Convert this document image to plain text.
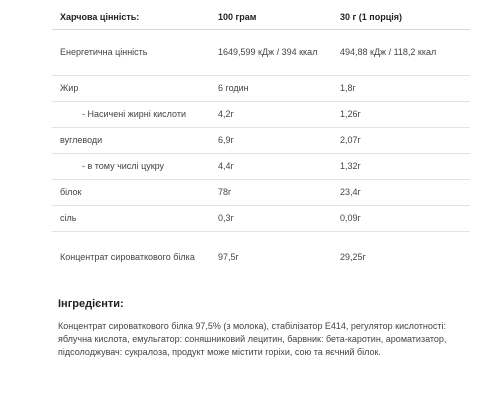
Харчова цінність:	100 грам	30 г (1 порція)
Енергетична цінність	1649,599 кДж / 394 ккал	494,88 кДж / 118,2 ккал
Жир	6 годин	1,8г
- Насичені жирні кислоти	4,2г	1,26г
вуглеводи	6,9г	2,07г
- в тому числі цукру	4,4г	1,32г
білок	78г	23,4г
сіль	0,3г	0,09г
Концентрат сироваткового білка	97,5г	29,25г
Інгредієнти:

Концентрат сироваткового білка 97,5% (з молока), стабілізатор E414, регулятор кислотності: яблучна кислота, емульгатор: соняшниковий лецитин, барвник: бета-каротин, ароматизатор, підсолоджувач: сукралоза, продукт може містити горіхи, сою та яєчний білок.
